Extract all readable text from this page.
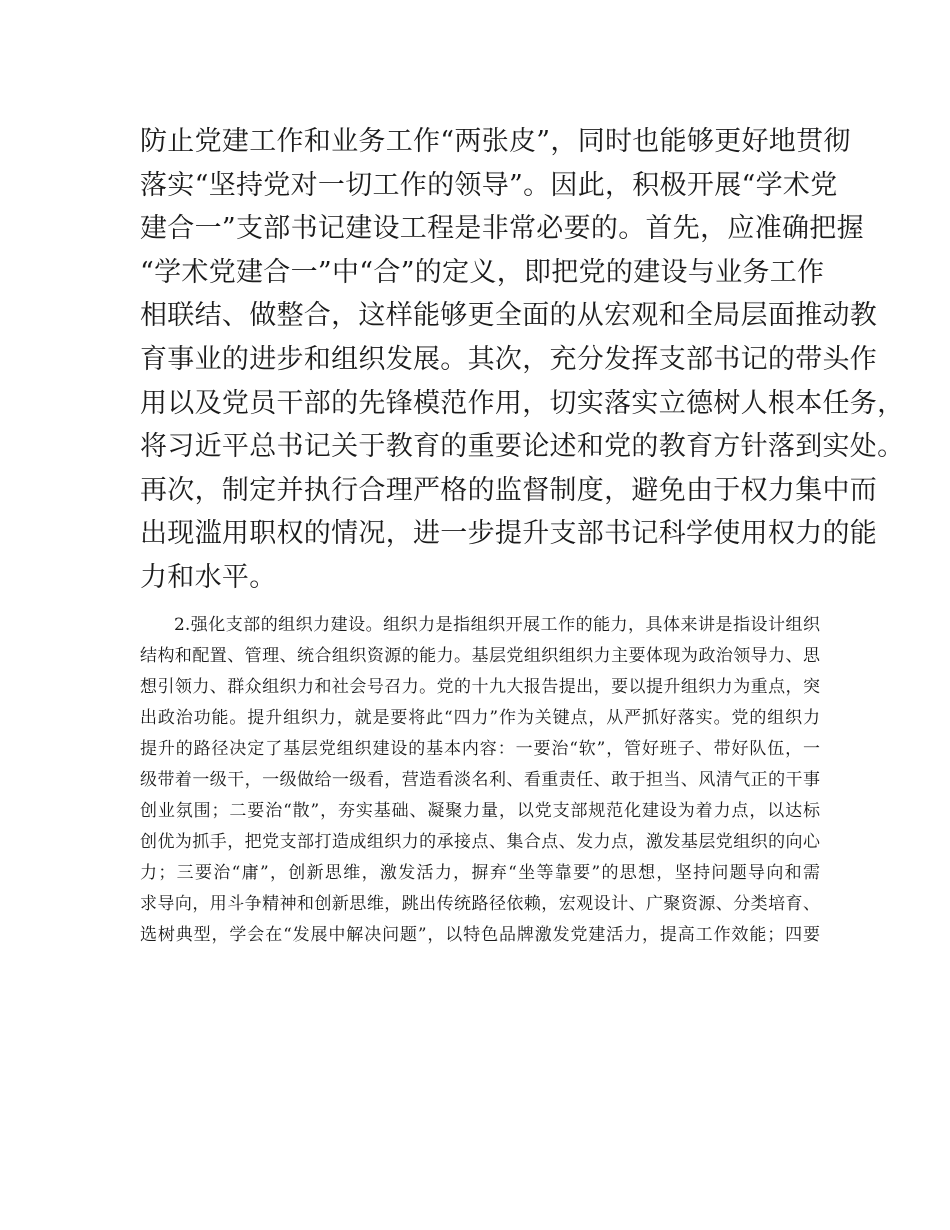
防止党建工作和业务工作“两张皮”，同时也能够更好地贯彻
落实“坚持党对一切工作的领导”。因此，积极开展“学术党
建合一”支部书记建设工程是非常必要的。首先，应准确把握
“学术党建合一”中“合”的定义，即把党的建设与业务工作
相联结、做整合，这样能够更全面的从宏观和全局层面推动教
育事业的进步和组织发展。其次，充分发挥支部书记的带头作
用以及党员干部的先锋模范作用，切实落实立德树人根本任务，
将习近平总书记关于教育的重要论述和党的教育方针落到实处。
再次，制定并执行合理严格的监督制度，避免由于权力集中而
出现滥用职权的情况，进一步提升支部书记科学使用权力的能
力和水平。
2.强化支部的组织力建设。组织力是指组织开展工作的能力，具体来讲是指设计组织
结构和配置、管理、统合组织资源的能力。基层党组织组织力主要体现为政治领导力、思
想引领力、群众组织力和社会号召力。党的十九大报告提出，要以提升组织力为重点，突
出政治功能。提升组织力，就是要将此“四力”作为关键点，从严抓好落实。党的组织力
提升的路径决定了基层党组织建设的基本内容：一要治“软”，管好班子、带好队伍，一
级带着一级干，一级做给一级看，营造看淡名利、看重责任、敢于担当、风清气正的干事
创业氛围；二要治“散”，夯实基础、凝聚力量，以党支部规范化建设为着力点，以达标
创优为抓手，把党支部打造成组织力的承接点、集合点、发力点，激发基层党组织的向心
力；三要治“庸”，创新思维，激发活力，摒弃“坐等靠要”的思想，坚持问题导向和需
求导向，用斗争精神和创新思维，跳出传统路径依赖，宏观设计、广聚资源、分类培育、
选树典型，学会在“发展中解决问题”，以特色品牌激发党建活力，提高工作效能；四要
